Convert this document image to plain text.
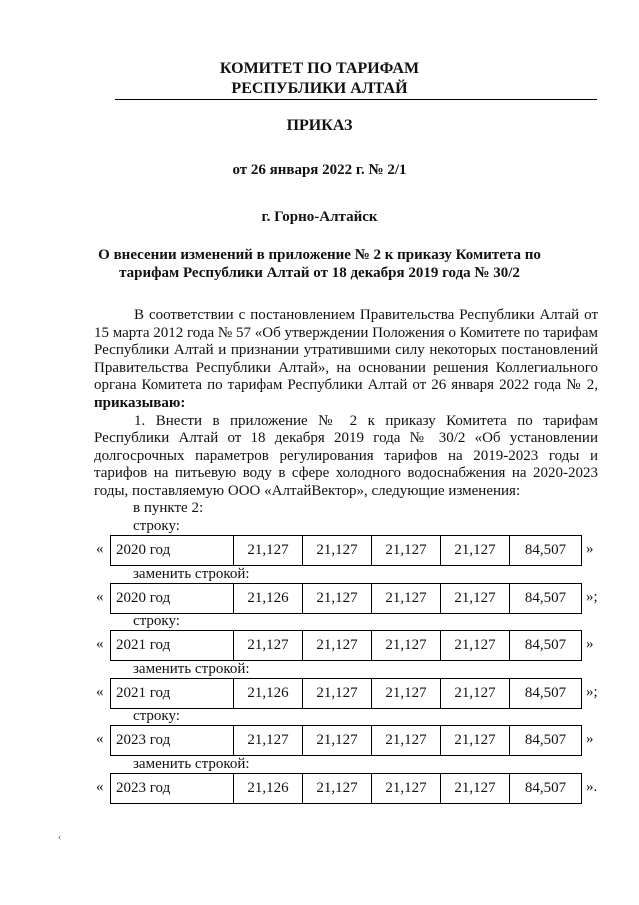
КОМИТЕТ ПО ТАРИФАМ
РЕСПУБЛИКИ АЛТАЙ
ПРИКАЗ
от 26 января 2022 г. № 2/1
г. Горно-Алтайск
О внесении изменений в приложение № 2 к приказу Комитета по
тарифам Республики Алтай от 18 декабря 2019 года № 30/2

В соответствии с постановлением Правительства Республики Алтай от 15 марта 2012 года № 57 «Об утверждении Положения о Комитете по тарифам Республики Алтай и признании утратившими силу некоторых постановлений Правительства Республики Алтай», на основании решения Коллегиального органа Комитета по тарифам Республики Алтай от 26 января 2022 года № 2, приказываю:

1. Внести в приложение № 2 к приказу Комитета по тарифам Республики Алтай от 18 декабря 2019 года № 30/2 «Об установлении долгосрочных параметров регулирования тарифов на 2019-2023 годы и тарифов на питьевую воду в сфере холодного водоснабжения на 2020-2023 годы, поставляемую ООО «АлтайВектор», следующие изменения:

в пункте 2:
строку:
« 2020 год	21,127	21,127	21,127	21,127	84,507 »
заменить строкой:
« 2020 год	21,126	21,127	21,127	21,127	84,507 »;
строку:
« 2021 год	21,127	21,127	21,127	21,127	84,507 »
заменить строкой:
« 2021 год	21,126	21,127	21,127	21,127	84,507 »;
строку:
« 2023 год	21,127	21,127	21,127	21,127	84,507 »
заменить строкой:
« 2023 год	21,126	21,127	21,127	21,127	84,507 ».
‹
